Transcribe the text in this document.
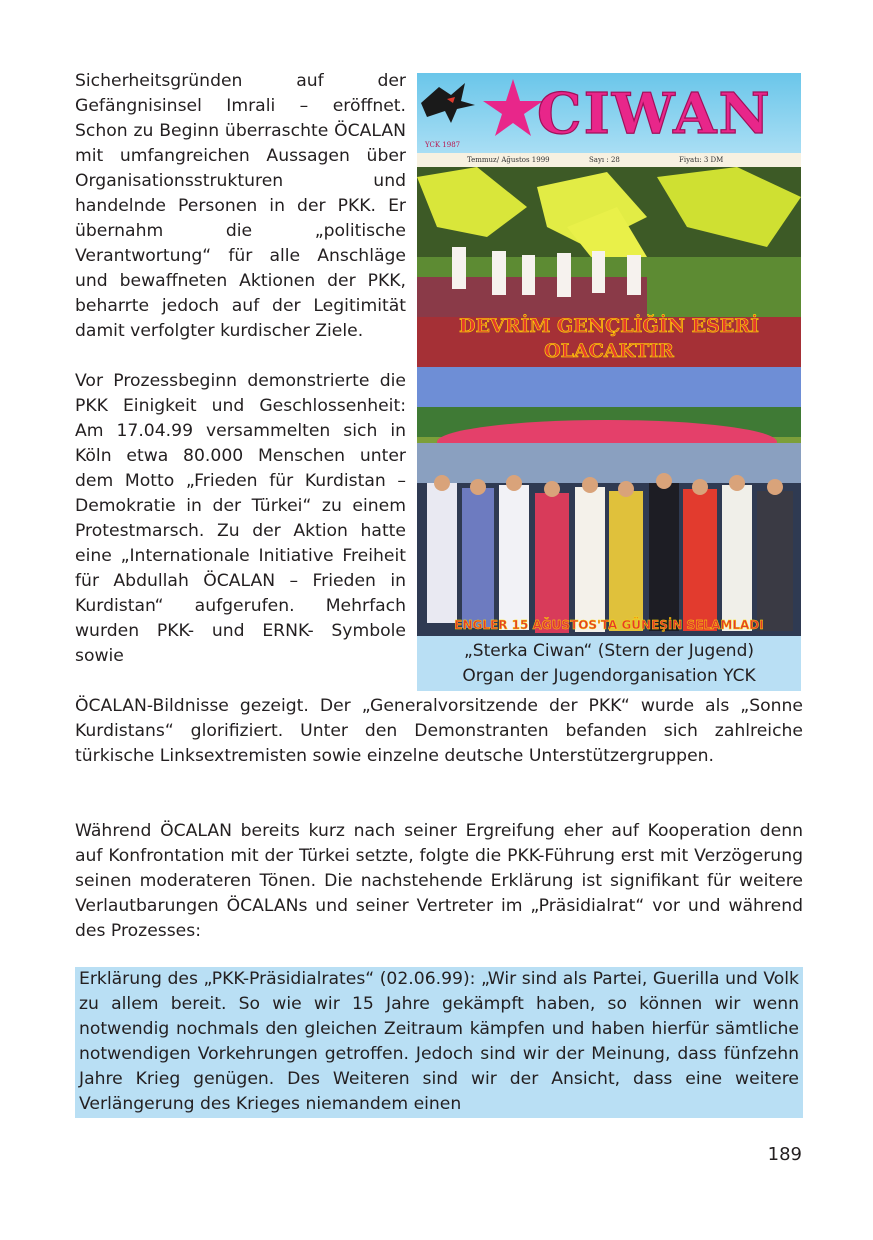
Sicherheitsgründen auf der Gefängnisinsel Imrali – eröffnet. Schon zu Beginn überraschte ÖCALAN mit umfangreichen Aussagen über Organisationsstrukturen und handelnde Personen in der PKK. Er übernahm die „politische Verantwortung“ für alle Anschläge und bewaffneten Aktionen der PKK, beharrte jedoch auf der Legitimität damit verfolgter kurdischer Ziele.

Vor Prozessbeginn demonstrierte die PKK Einigkeit und Geschlossenheit: Am 17.04.99 versammelten sich in Köln etwa 80.000 Menschen unter dem Motto „Frieden für Kurdistan – Demokratie in der Türkei“ zu einem Protestmarsch. Zu der Aktion hatte eine „Internationale Initiative Freiheit für Abdullah ÖCALAN – Frieden in Kurdistan“ aufgerufen. Mehrfach wurden PKK- und ERNK- Symbole sowie

ÖCALAN-Bildnisse gezeigt. Der „Generalvorsitzende der PKK“ wurde als „Sonne Kurdistans“ glorifiziert. Unter den Demonstranten befanden sich zahlreiche türkische Linksextremisten sowie einzelne deutsche Unterstützergruppen.

Während ÖCALAN bereits kurz nach seiner Ergreifung eher auf Kooperation denn auf Konfrontation mit der Türkei setzte, folgte die PKK-Führung erst mit Verzögerung seinen moderateren Tönen. Die nachstehende Erklärung ist signifikant für weitere Verlautbarungen ÖCALANs und seiner Vertreter im „Präsidialrat“ vor und während des Prozesses:

Erklärung des „PKK-Präsidialrates“ (02.06.99): „Wir sind als Partei, Guerilla und Volk zu allem bereit. So wie wir 15 Jahre gekämpft haben, so können wir wenn notwendig nochmals den gleichen Zeitraum kämpfen und haben hierfür sämtliche notwendigen Vorkehrungen getroffen. Jedoch sind wir der Meinung, dass fünfzehn Jahre Krieg genügen. Des Weiteren sind wir der Ansicht, dass eine weitere Verlängerung des Krieges niemandem einen

189
YCK 1987 CIWAN
Temmuz/ Ağustos 1999	Sayı : 28	Fiyatı: 3 DM
DEVRİM GENÇLİĞİN ESERİ
OLACAKTIR
ENGLER 15 AĞUSTOS'TA GÜNEŞİN SELAMLADI
„Sterka Ciwan“ (Stern der Jugend)
Organ der Jugendorganisation YCK
